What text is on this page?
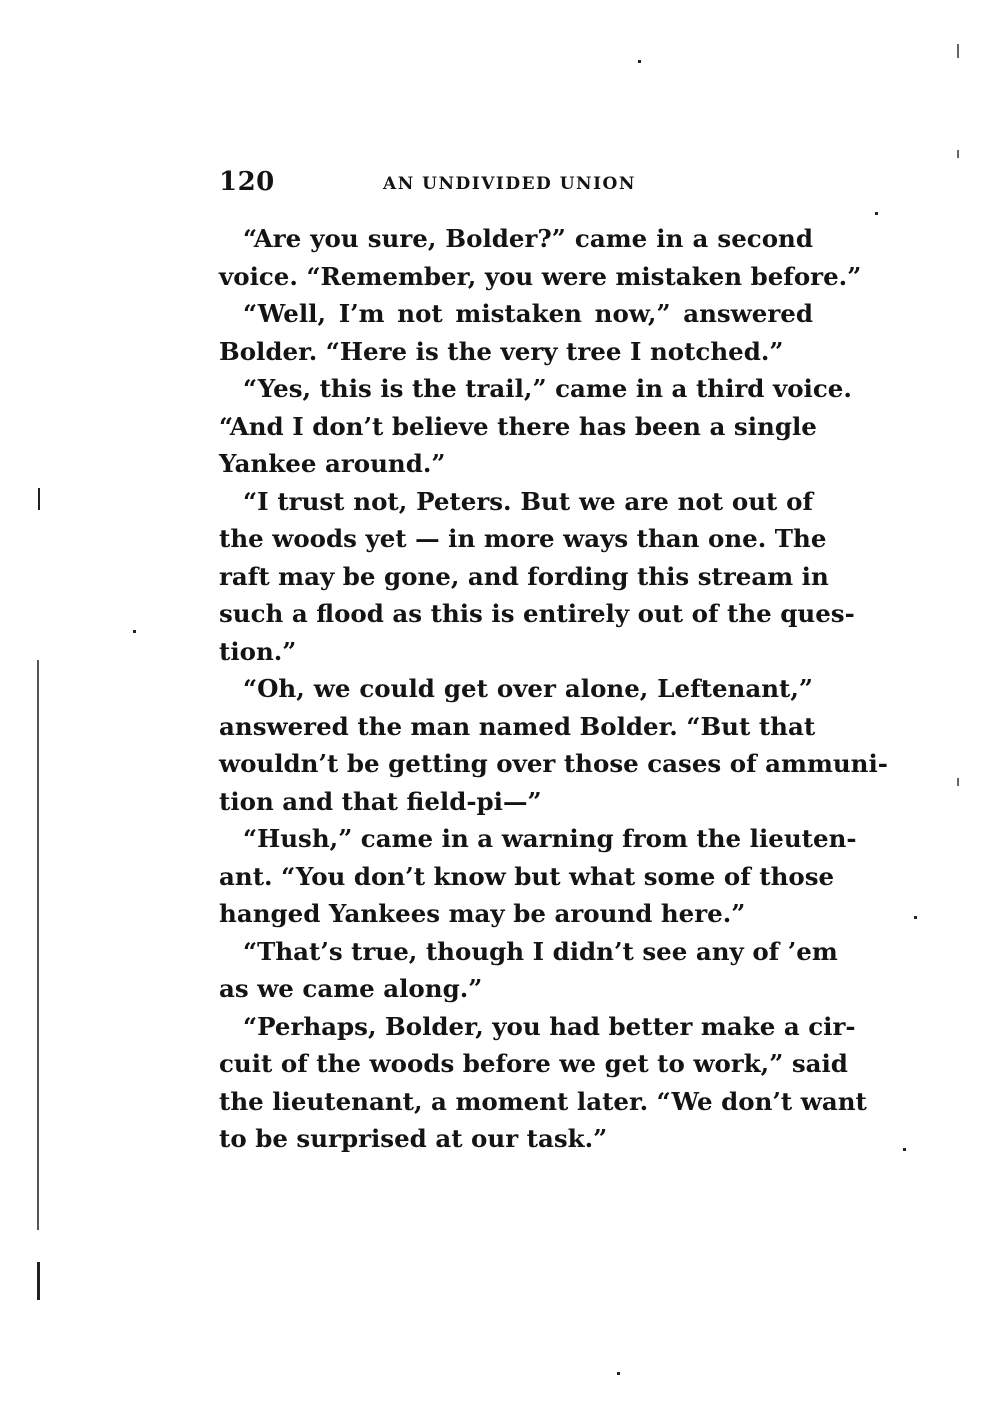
120	AN UNDIVIDED UNION
“Are you sure, Bolder?” came in a second
voice. “Remember, you were mistaken before.”
“Well, I’m not mistaken now,” answered
Bolder. “Here is the very tree I notched.”
“Yes, this is the trail,” came in a third voice.
“And I don’t believe there has been a single
Yankee around.”
“I trust not, Peters. But we are not out of
the woods yet — in more ways than one. The
raft may be gone, and fording this stream in
such a flood as this is entirely out of the ques-
tion.”
“Oh, we could get over alone, Leftenant,”
answered the man named Bolder. “But that
wouldn’t be getting over those cases of ammuni-
tion and that field-pi—”
“Hush,” came in a warning from the lieuten-
ant. “You don’t know but what some of those
hanged Yankees may be around here.”
“That’s true, though I didn’t see any of ’em
as we came along.”
“Perhaps, Bolder, you had better make a cir-
cuit of the woods before we get to work,” said
the lieutenant, a moment later. “We don’t want
to be surprised at our task.”
